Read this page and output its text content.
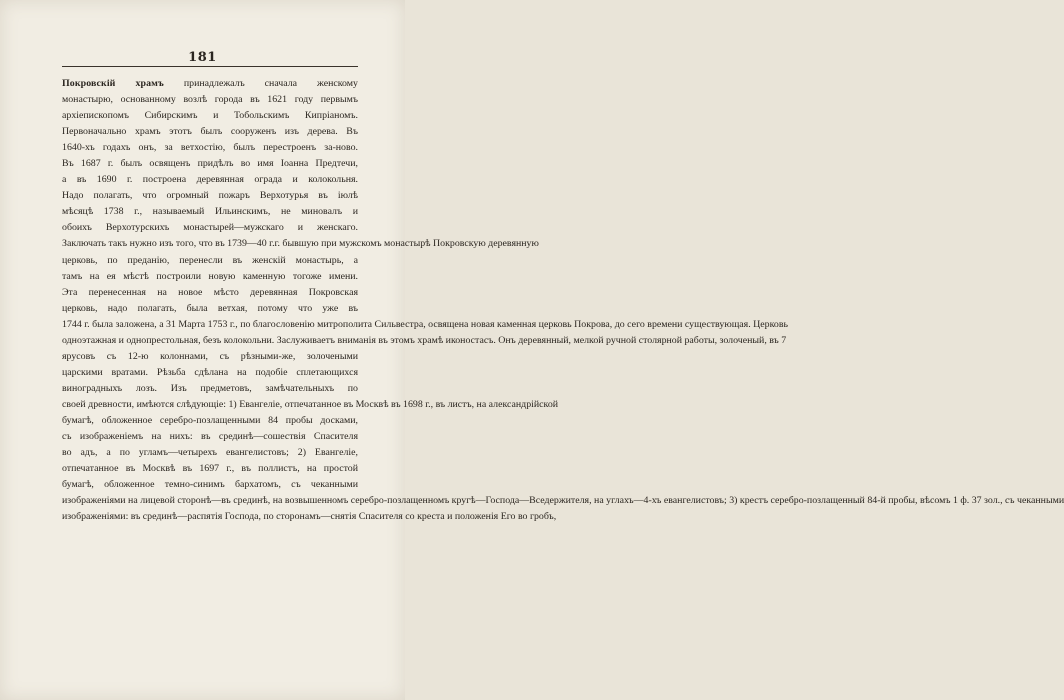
181
Покровскій храмъ принадлежалъ сначала женскому
монастырю, основанному возлѣ города въ 1621 году первымъ
архіепископомъ Сибирскимъ и Тобольскимъ Кипріаномъ.
Первоначально храмъ этотъ былъ сооруженъ изъ дерева. Въ
1640-хъ годахъ онъ, за ветхостію, былъ перестроенъ за-ново.
Въ 1687 г. былъ освященъ придѣлъ во имя Іоанна Предтечи,
а въ 1690 г. построена деревянная ограда и колокольня.
Надо полагать, что огромный пожаръ Верхотурья въ іюлѣ
мѣсяцѣ 1738 г., называемый Ильинскимъ, не миновалъ и
обоихъ Верхотурскихъ монастырей—мужскаго и женскаго.
Заключать такъ нужно изъ того, что въ 1739—40 г.г. бывшую при мужскомъ монастырѣ Покровскую деревянную
церковь, по преданію, перенесли въ женскій монастырь, а
тамъ на ея мѣстѣ построили новую каменную тогоже имени.
Эта перенесенная на новое мѣсто деревянная Покровская
церковь, надо полагать, была ветхая, потому что уже въ
1744 г. была заложена, а 31 Марта 1753 г., по благословенію митрополита Сильвестра, освящена новая каменная церковь Покрова, до сего времени существующая. Церковь
одноэтажная и однопрестольная, безъ колокольни. Заслуживаетъ вниманія въ этомъ храмѣ иконостасъ. Онъ деревянный, мелкой ручной столярной работы, золоченый, въ 7
ярусовъ съ 12-ю колоннами, съ рѣзными-же, золочеными
царскими вратами. Рѣзьба сдѣлана на подобіе сплетающихся
виноградныхъ лозъ. Изъ предметовъ, замѣчательныхъ по
своей древности, имѣются слѣдующіе: 1) Евангеліе, отпечатанное въ Москвѣ въ 1698 г., въ листъ, на александрійской
бумагѣ, обложенное серебро-позлащенными 84 пробы досками,
съ изображеніемъ на нихъ: въ срединѣ—сошествія Спасителя
во адъ, а по угламъ—четырехъ евангелистовъ; 2) Евангеліе,
отпечатанное въ Москвѣ въ 1697 г., въ поллистъ, на простой
бумагѣ, обложенное темно-синимъ бархатомъ, съ чеканными
изображеніями на лицевой сторонѣ—въ срединѣ, на возвышенномъ серебро-позлащенномъ кругѣ—Господа—Вседержителя, на углахъ—4-хъ евангелистовъ; 3) крестъ серебро-позлащенный 84-й пробы, вѣсомъ 1 ф. 37 зол., съ чеканными
изображеніями: въ срединѣ—распятія Господа, по сторонамъ—снятія Спасителя со креста и положенія Его во гробъ,
